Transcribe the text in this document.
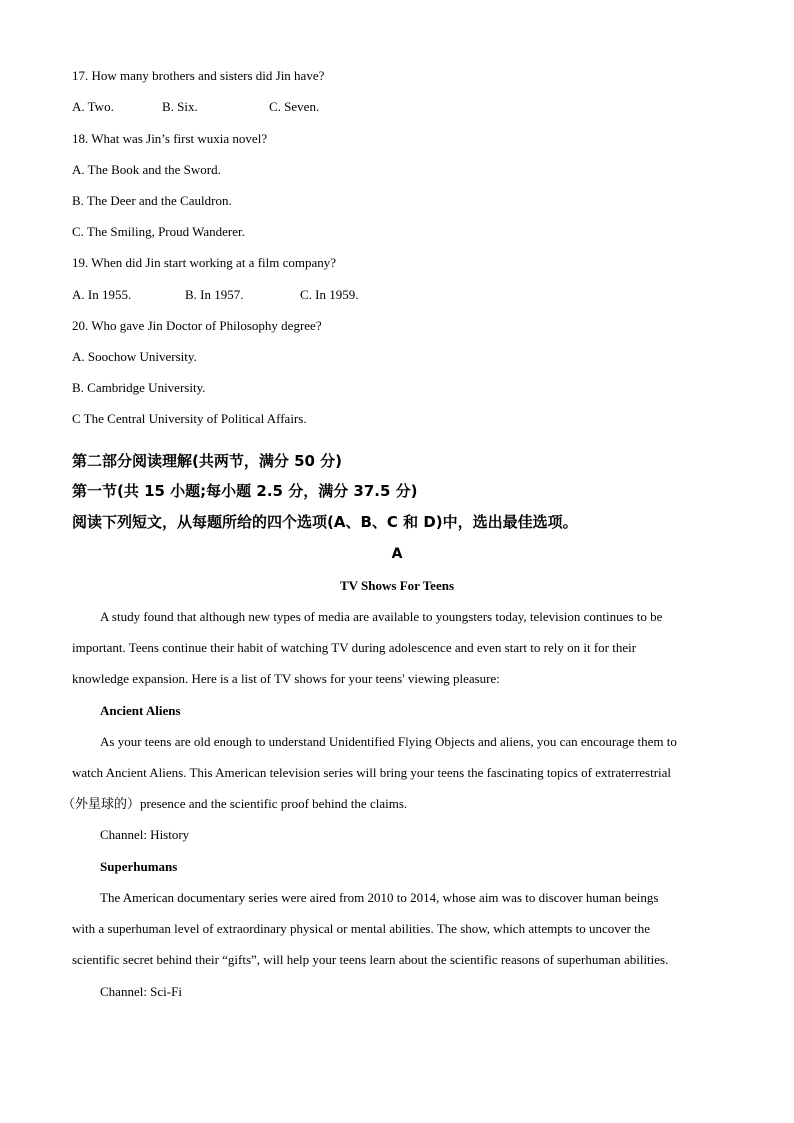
17. How many brothers and sisters did Jin have?
A. Two.	B. Six.	C. Seven.
18. What was Jin’s first wuxia novel?
A. The Book and the Sword.
B. The Deer and the Cauldron.
C. The Smiling, Proud Wanderer.
19. When did Jin start working at a film company?
A. In 1955.	B. In 1957.	C. In 1959.
20. Who gave Jin Doctor of Philosophy degree?
A. Soochow University.
B. Cambridge University.
C The Central University of Political Affairs.
第二部分阅读理解(共两节，满分 50 分)
第一节(共 15 小题;每小题 2.5 分，满分 37.5 分)
阅读下列短文，从每题所给的四个选项(A、B、C 和 D)中，选出最佳选项。
A
TV Shows For Teens
A study found that although new types of media are available to youngsters today, television continues to be
important. Teens continue their habit of watching TV during adolescence and even start to rely on it for their
knowledge expansion. Here is a list of TV shows for your teens' viewing pleasure:
Ancient Aliens
As your teens are old enough to understand Unidentified Flying Objects and aliens, you can encourage them to
watch Ancient Aliens. This American television series will bring your teens the fascinating topics of extraterrestrial
（外星球的）presence and the scientific proof behind the claims.
Channel: History
Superhumans
The American documentary series were aired from 2010 to 2014, whose aim was to discover human beings
with a superhuman level of extraordinary physical or mental abilities. The show, which attempts to uncover the
scientific secret behind their “gifts”, will help your teens learn about the scientific reasons of superhuman abilities.
Channel: Sci-Fi
